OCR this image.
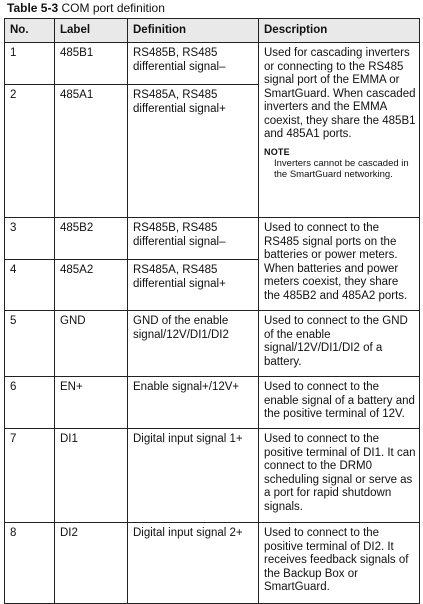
Table 5-3 COM port definition
No.	Label	Definition	Description
1	485B1	RS485B, RS485 differential signal–	Used for cascading inverters or connecting to the RS485 signal port of the EMMA or SmartGuard. When cascaded inverters and the EMMA coexist, they share the 485B1 and 485A1 ports.
NOTE
Inverters cannot be cascaded in the SmartGuard networking.

2	485A1	RS485A, RS485 differential signal+	
3	485B2	RS485B, RS485 differential signal–	Used to connect to the RS485 signal ports on the batteries or power meters. When batteries and power meters coexist, they share the 485B2 and 485A2 ports.
4	485A2	RS485A, RS485 differential signal+	
5	GND	GND of the enable signal/12V/DI1/DI2	Used to connect to the GND of the enable signal/12V/DI1/DI2 of a battery.
6	EN+	Enable signal+/12V+	Used to connect to the enable signal of a battery and the positive terminal of 12V.
7	DI1	Digital input signal 1+	Used to connect to the positive terminal of DI1. It can connect to the DRM0 scheduling signal or serve as a port for rapid shutdown signals.
8	DI2	Digital input signal 2+	Used to connect to the positive terminal of DI2. It receives feedback signals of the Backup Box or SmartGuard.
